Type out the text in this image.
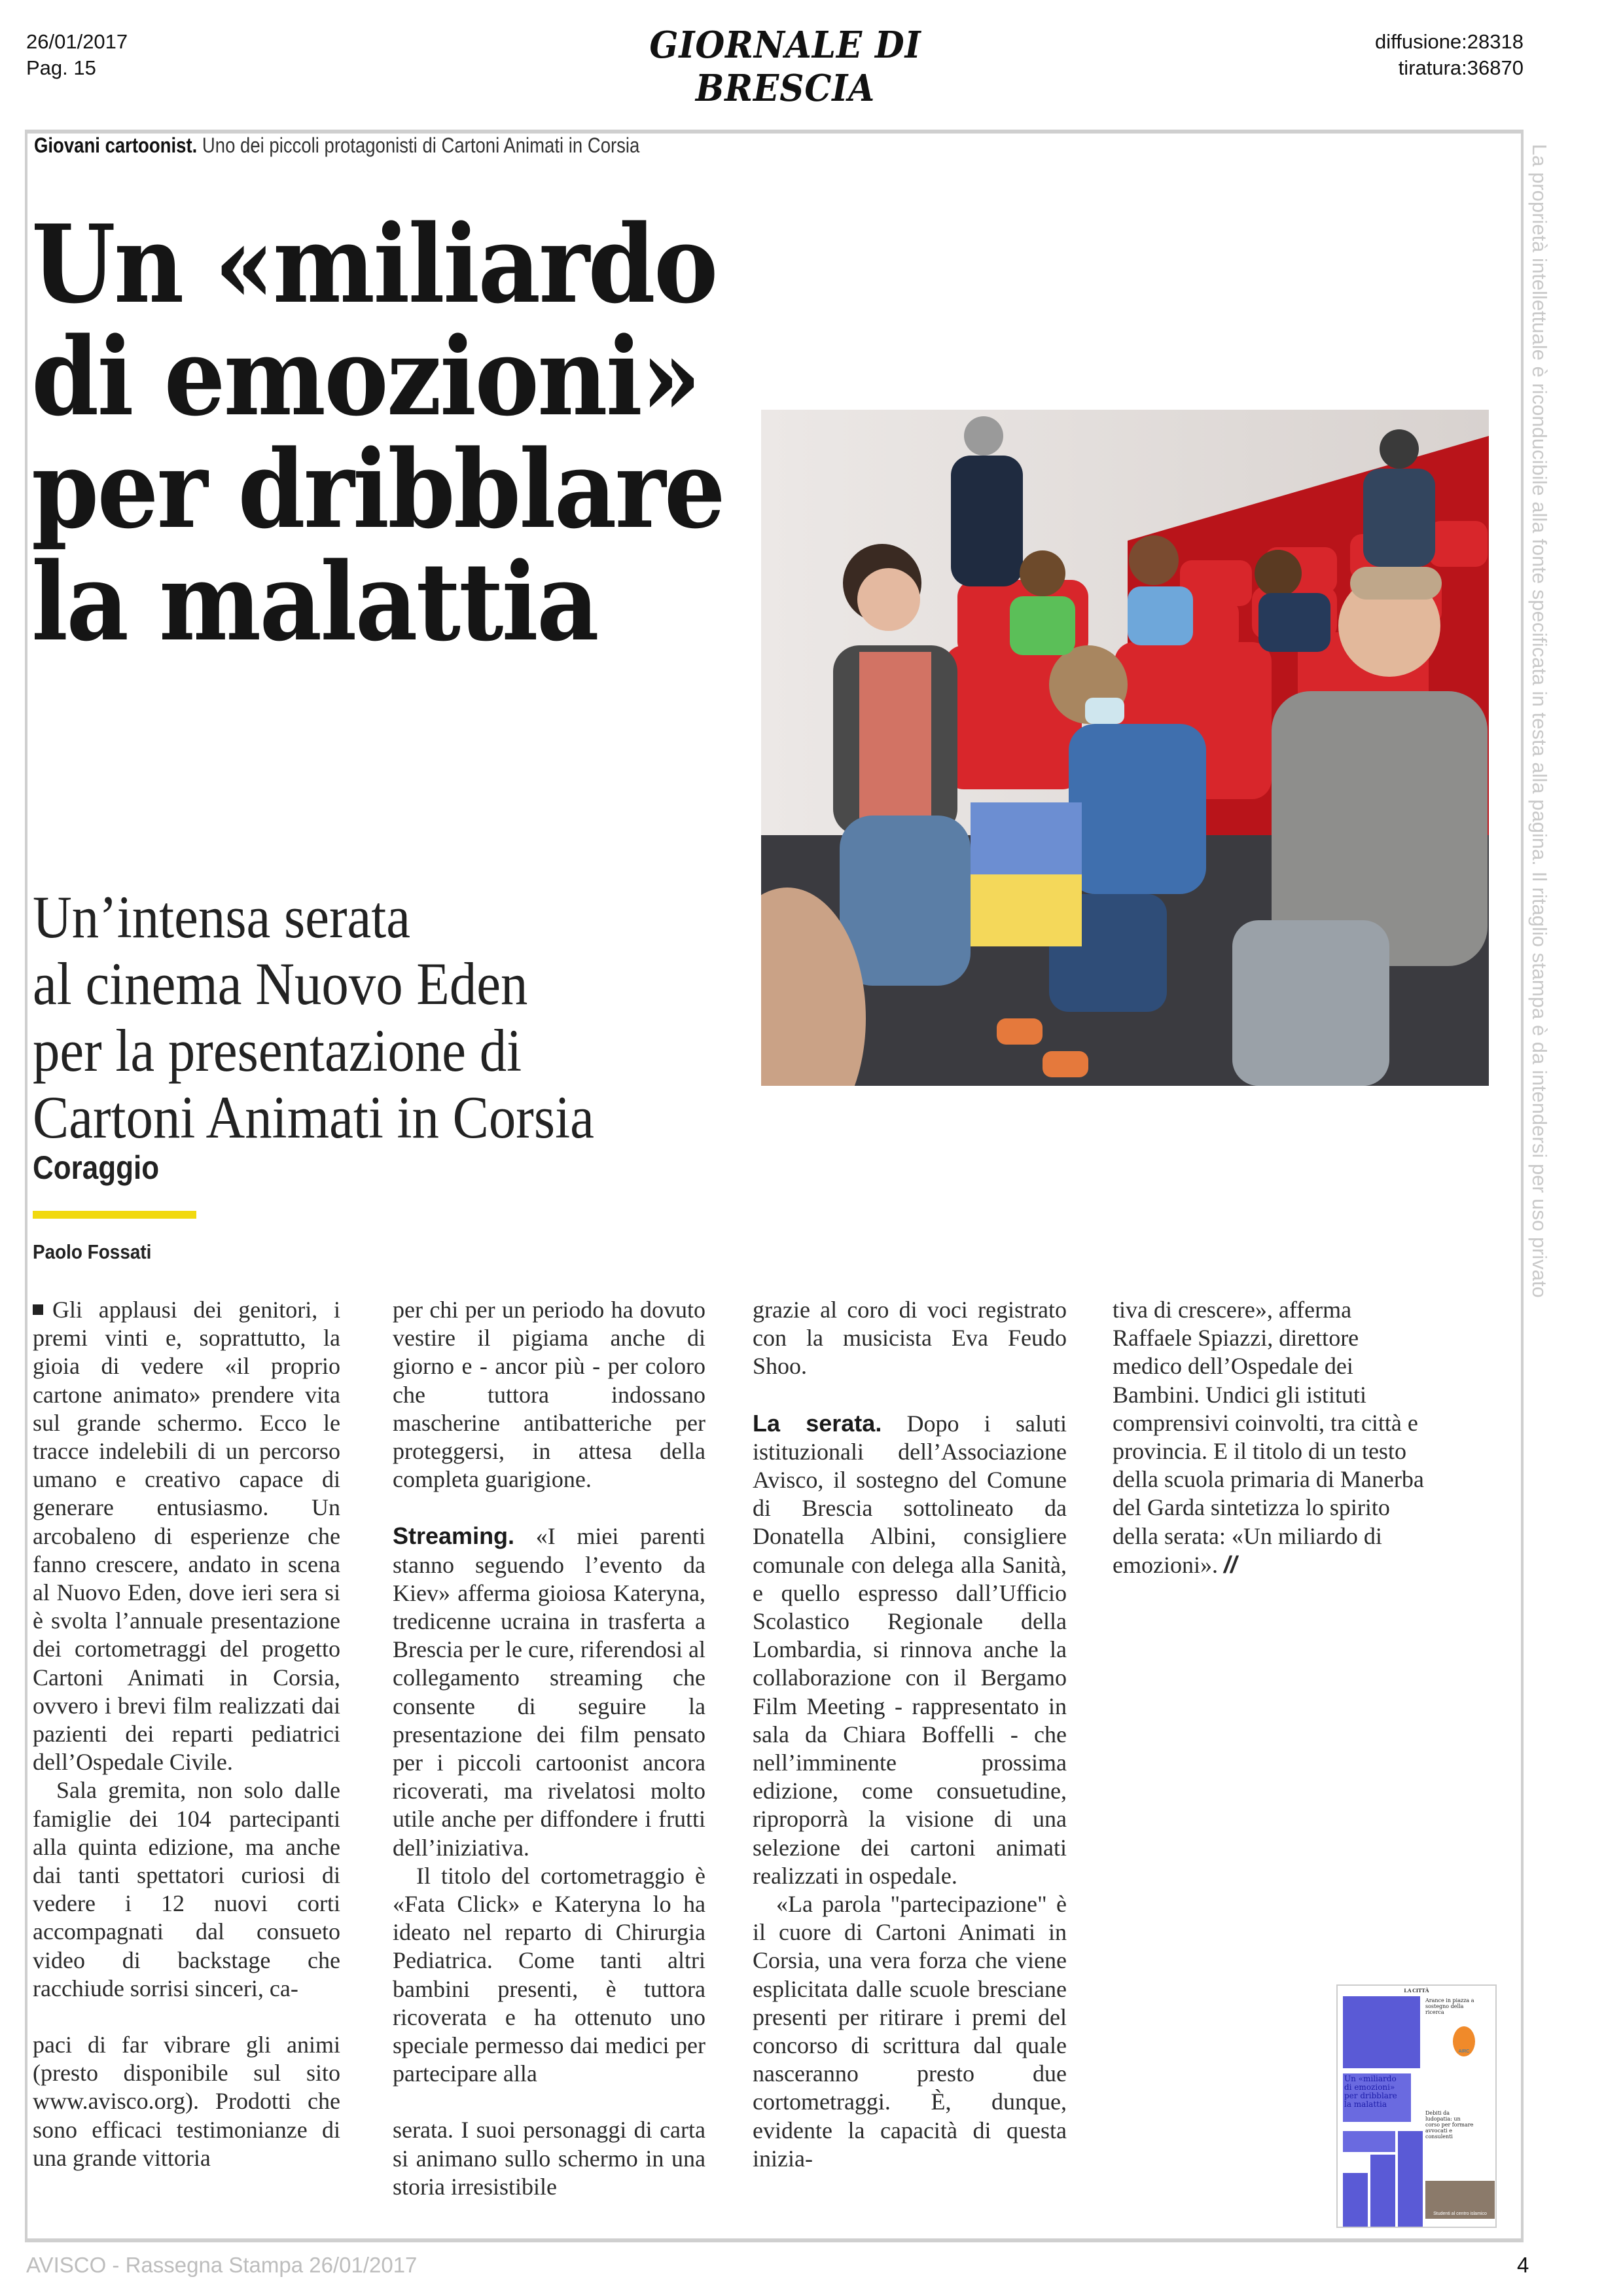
26/01/2017
Pag. 15
GIORNALE DI BRESCIA
diffusione:28318
tiratura:36870
Giovani cartoonist. Uno dei piccoli protagonisti di Cartoni Animati in Corsia
Un «miliardo
di emozioni»
per dribblare
la malattia
Un’intensa serata
al cinema Nuovo Eden
per la presentazione di
Cartoni Animati in Corsia
Coraggio
Paolo Fossati

Gli applausi dei genitori, i premi vinti e, soprattutto, la gioia di vedere «il proprio cartone animato» prendere vita sul grande schermo. Ecco le tracce indelebili di un percorso umano e creativo capace di generare entusiasmo. Un arcobaleno di esperienze che fanno crescere, andato in scena al Nuovo Eden, dove ieri sera si è svolta l’annuale presentazione dei cortometraggi del progetto Cartoni Animati in Corsia, ovvero i brevi film realizzati dai pazienti dei reparti pediatrici dell’Ospedale Civile.

Sala gremita, non solo dalle famiglie dei 104 partecipanti alla quinta edizione, ma anche dai tanti spettatori curiosi di vedere i 12 nuovi corti accompagnati dal consueto video di backstage che racchiude sorrisi sinceri, ca-

paci di far vibrare gli animi (presto disponibile sul sito www.avisco.org). Prodotti che sono efficaci testimonianze di una grande vittoria

per chi per un periodo ha dovuto vestire il pigiama anche di giorno e - ancor più - per coloro che tuttora indossano mascherine antibatteriche per proteggersi, in attesa della completa guarigione.

Streaming. «I miei parenti stanno seguendo l’evento da Kiev» afferma gioiosa Kateryna, tredicenne ucraina in trasferta a Brescia per le cure, riferendosi al collegamento streaming che consente di seguire la presentazione dei film pensato per i piccoli cartoonist ancora ricoverati, ma rivelatosi molto utile anche per diffondere i frutti dell’iniziativa.

Il titolo del cortometraggio è «Fata Click» e Kateryna lo ha ideato nel reparto di Chirurgia Pediatrica. Come tanti altri bambini presenti, è tuttora ricoverata e ha ottenuto uno speciale permesso dai medici per partecipare alla

serata. I suoi personaggi di carta si animano sullo schermo in una storia irresistibile

grazie al coro di voci registrato con la musicista Eva Feudo Shoo.

La serata. Dopo i saluti istituzionali dell’Associazione Avisco, il sostegno del Comune di Brescia sottolineato da Donatella Albini, consigliere comunale con delega alla Sanità, e quello espresso dall’Ufficio Scolastico Regionale della Lombardia, si rinnova anche la collaborazione con il Bergamo Film Meeting - rappresentato in sala da Chiara Boffelli - che nell’imminente prossima edizione, come consuetudine, riproporrà la visione di una selezione dei cartoni animati realizzati in ospedale.

«La parola "partecipazione" è il cuore di Cartoni Animati in Corsia, una vera forza che viene esplicitata dalle scuole bresciane presenti per ritirare i premi del concorso di scrittura dal quale nasceranno presto due cortometraggi. È, dunque, evidente la capacità di questa inizia-

tiva di crescere», afferma Raffaele Spiazzi, direttore medico dell’Ospedale dei Bambini. Undici gli istituti comprensivi coinvolti, tra città e provincia. E il titolo di un testo della scuola primaria di Manerba del Garda sintetizza lo spirito della serata: «Un miliardo di emozioni». //

La proprietà intellettuale è riconducibile alla fonte specificata in testa alla pagina. Il ritaglio stampa è da intendersi per uso privato
LA CITTÀ
Un «miliardo
di emozioni»
per dribblare
la malattia
Arance in piazza a sostegno della ricerca
AIRC
Debiti da ludopatia: un corso per formare avvocati e consulenti
Studenti al centro islamico
AVISCO - Rassegna Stampa 26/01/2017	4
